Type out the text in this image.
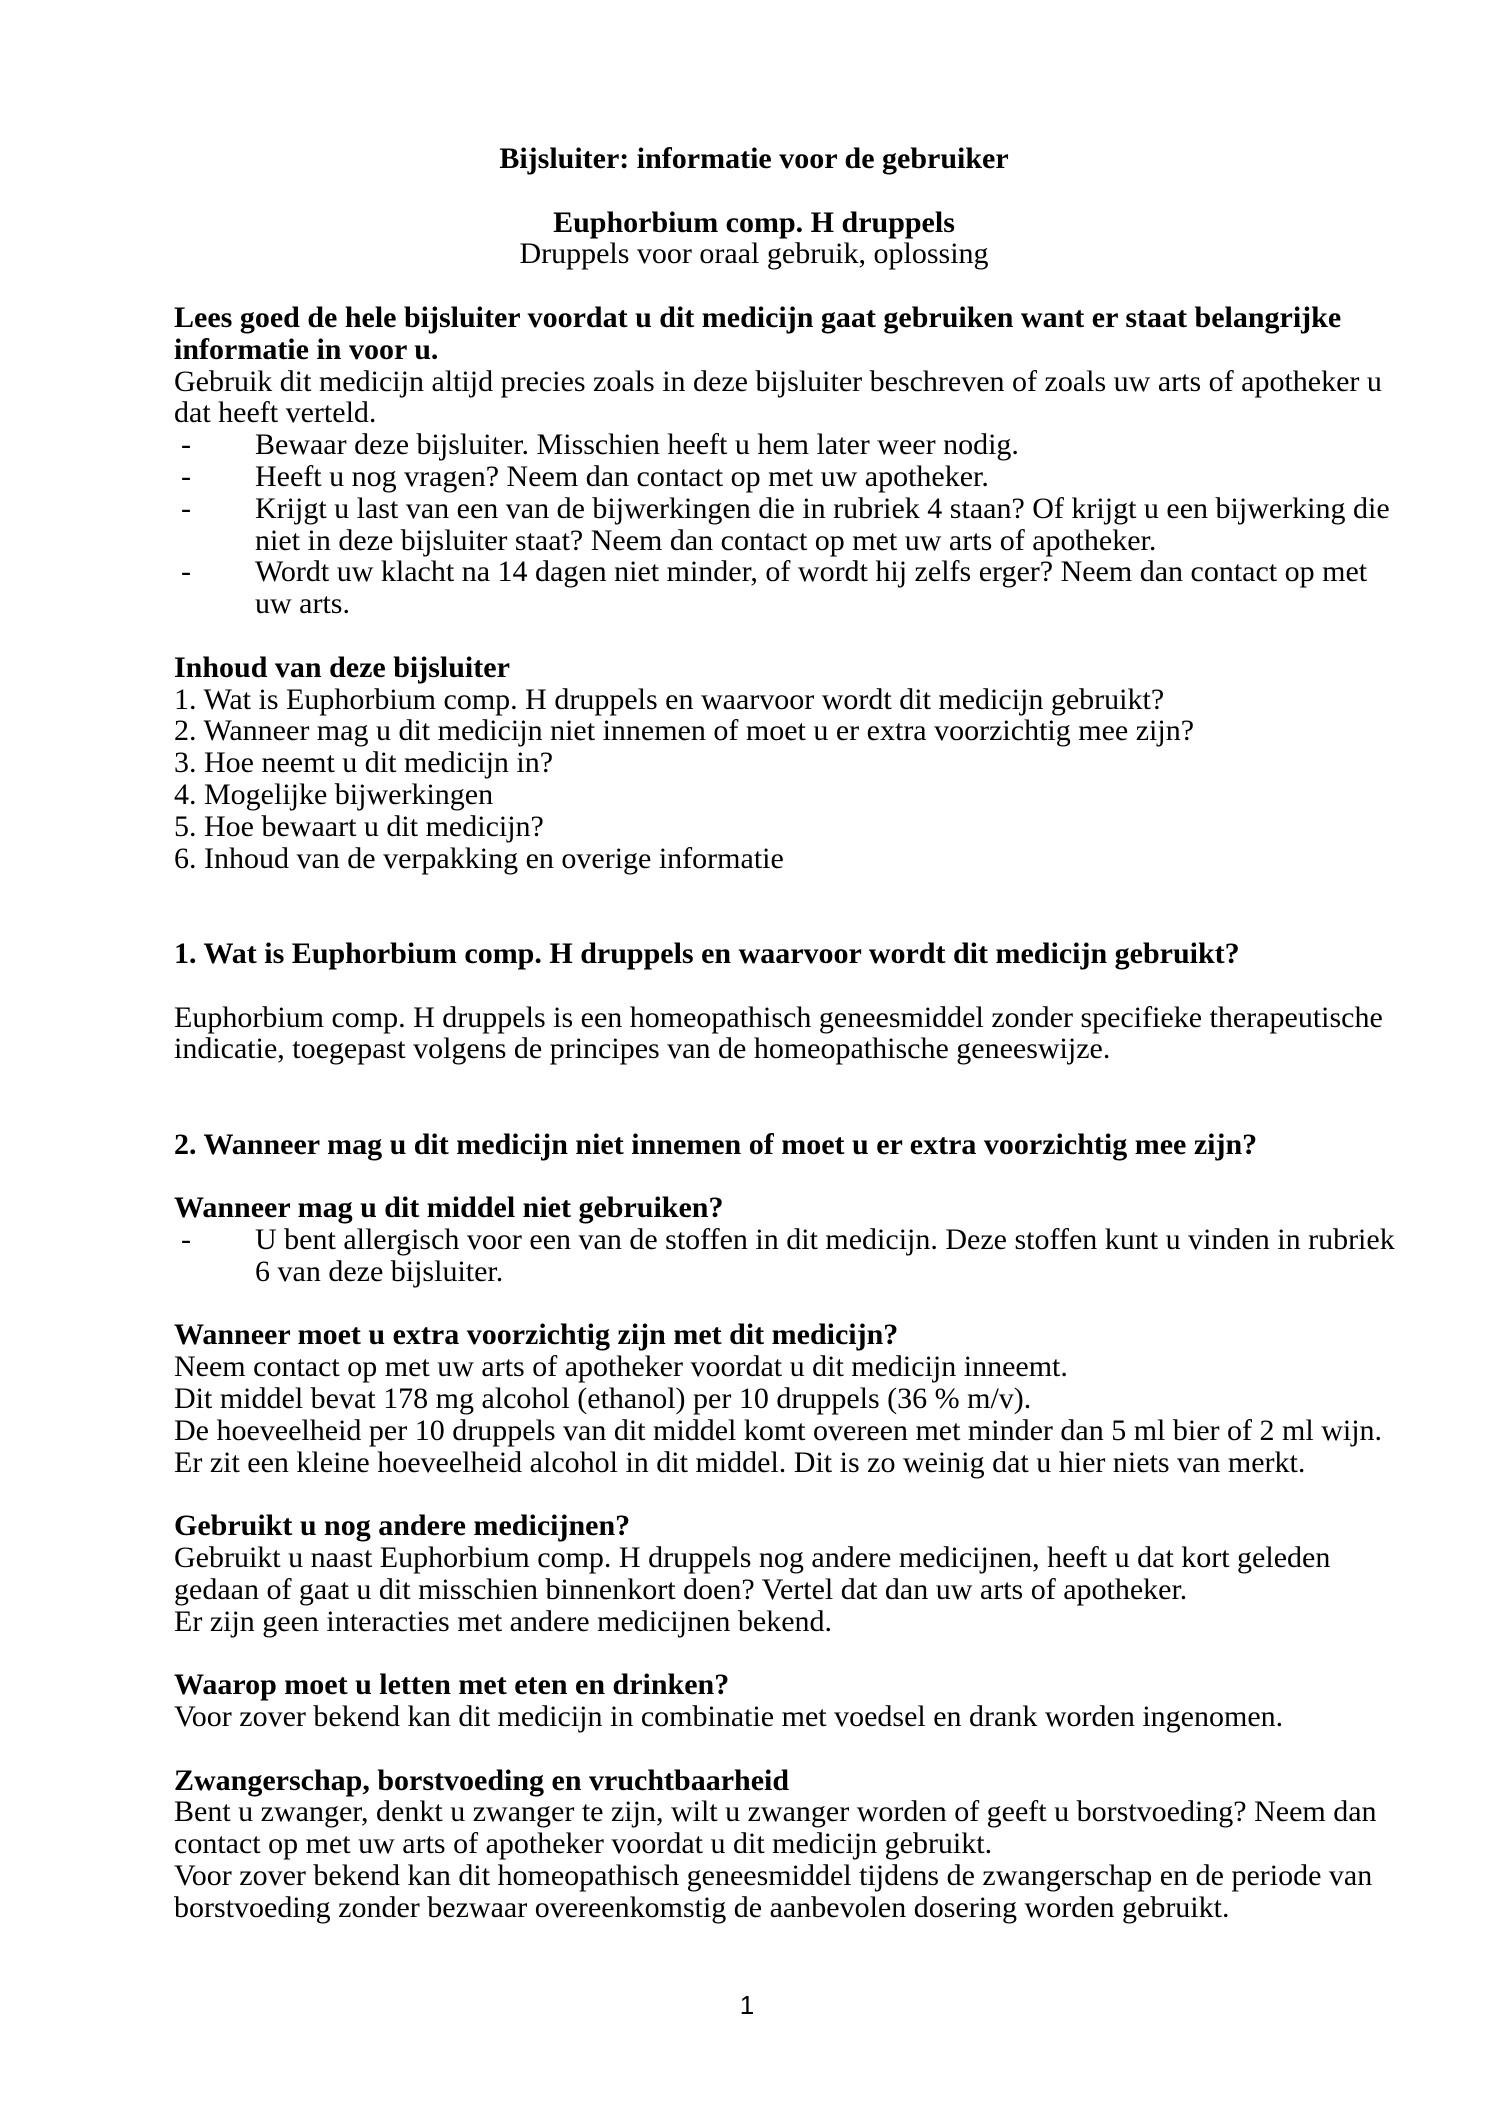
Bijsluiter: informatie voor de gebruiker
Euphorbium comp. H druppels
Druppels voor oraal gebruik, oplossing
Lees goed de hele bijsluiter voordat u dit medicijn gaat gebruiken want er staat belangrijke
informatie in voor u.
Gebruik dit medicijn altijd precies zoals in deze bijsluiter beschreven of zoals uw arts of apotheker u
dat heeft verteld.
- Bewaar deze bijsluiter. Misschien heeft u hem later weer nodig.
- Heeft u nog vragen? Neem dan contact op met uw apotheker.
- Krijgt u last van een van de bijwerkingen die in rubriek 4 staan? Of krijgt u een bijwerking die
niet in deze bijsluiter staat? Neem dan contact op met uw arts of apotheker.
- Wordt uw klacht na 14 dagen niet minder, of wordt hij zelfs erger? Neem dan contact op met
uw arts.
Inhoud van deze bijsluiter
1. Wat is Euphorbium comp. H druppels en waarvoor wordt dit medicijn gebruikt?
2. Wanneer mag u dit medicijn niet innemen of moet u er extra voorzichtig mee zijn?
3. Hoe neemt u dit medicijn in?
4. Mogelijke bijwerkingen
5. Hoe bewaart u dit medicijn?
6. Inhoud van de verpakking en overige informatie
1. Wat is Euphorbium comp. H druppels en waarvoor wordt dit medicijn gebruikt?
Euphorbium comp. H druppels is een homeopathisch geneesmiddel zonder specifieke therapeutische
indicatie, toegepast volgens de principes van de homeopathische geneeswijze.
2. Wanneer mag u dit medicijn niet innemen of moet u er extra voorzichtig mee zijn?
Wanneer mag u dit middel niet gebruiken?
- U bent allergisch voor een van de stoffen in dit medicijn. Deze stoffen kunt u vinden in rubriek
6 van deze bijsluiter.
Wanneer moet u extra voorzichtig zijn met dit medicijn?
Neem contact op met uw arts of apotheker voordat u dit medicijn inneemt.
Dit middel bevat 178 mg alcohol (ethanol) per 10 druppels (36 % m/v).
De hoeveelheid per 10 druppels van dit middel komt overeen met minder dan 5 ml bier of 2 ml wijn.
Er zit een kleine hoeveelheid alcohol in dit middel. Dit is zo weinig dat u hier niets van merkt.
Gebruikt u nog andere medicijnen?
Gebruikt u naast Euphorbium comp. H druppels nog andere medicijnen, heeft u dat kort geleden
gedaan of gaat u dit misschien binnenkort doen? Vertel dat dan uw arts of apotheker.
Er zijn geen interacties met andere medicijnen bekend.
Waarop moet u letten met eten en drinken?
Voor zover bekend kan dit medicijn in combinatie met voedsel en drank worden ingenomen.
Zwangerschap, borstvoeding en vruchtbaarheid
Bent u zwanger, denkt u zwanger te zijn, wilt u zwanger worden of geeft u borstvoeding? Neem dan
contact op met uw arts of apotheker voordat u dit medicijn gebruikt.
Voor zover bekend kan dit homeopathisch geneesmiddel tijdens de zwangerschap en de periode van
borstvoeding zonder bezwaar overeenkomstig de aanbevolen dosering worden gebruikt.
1
